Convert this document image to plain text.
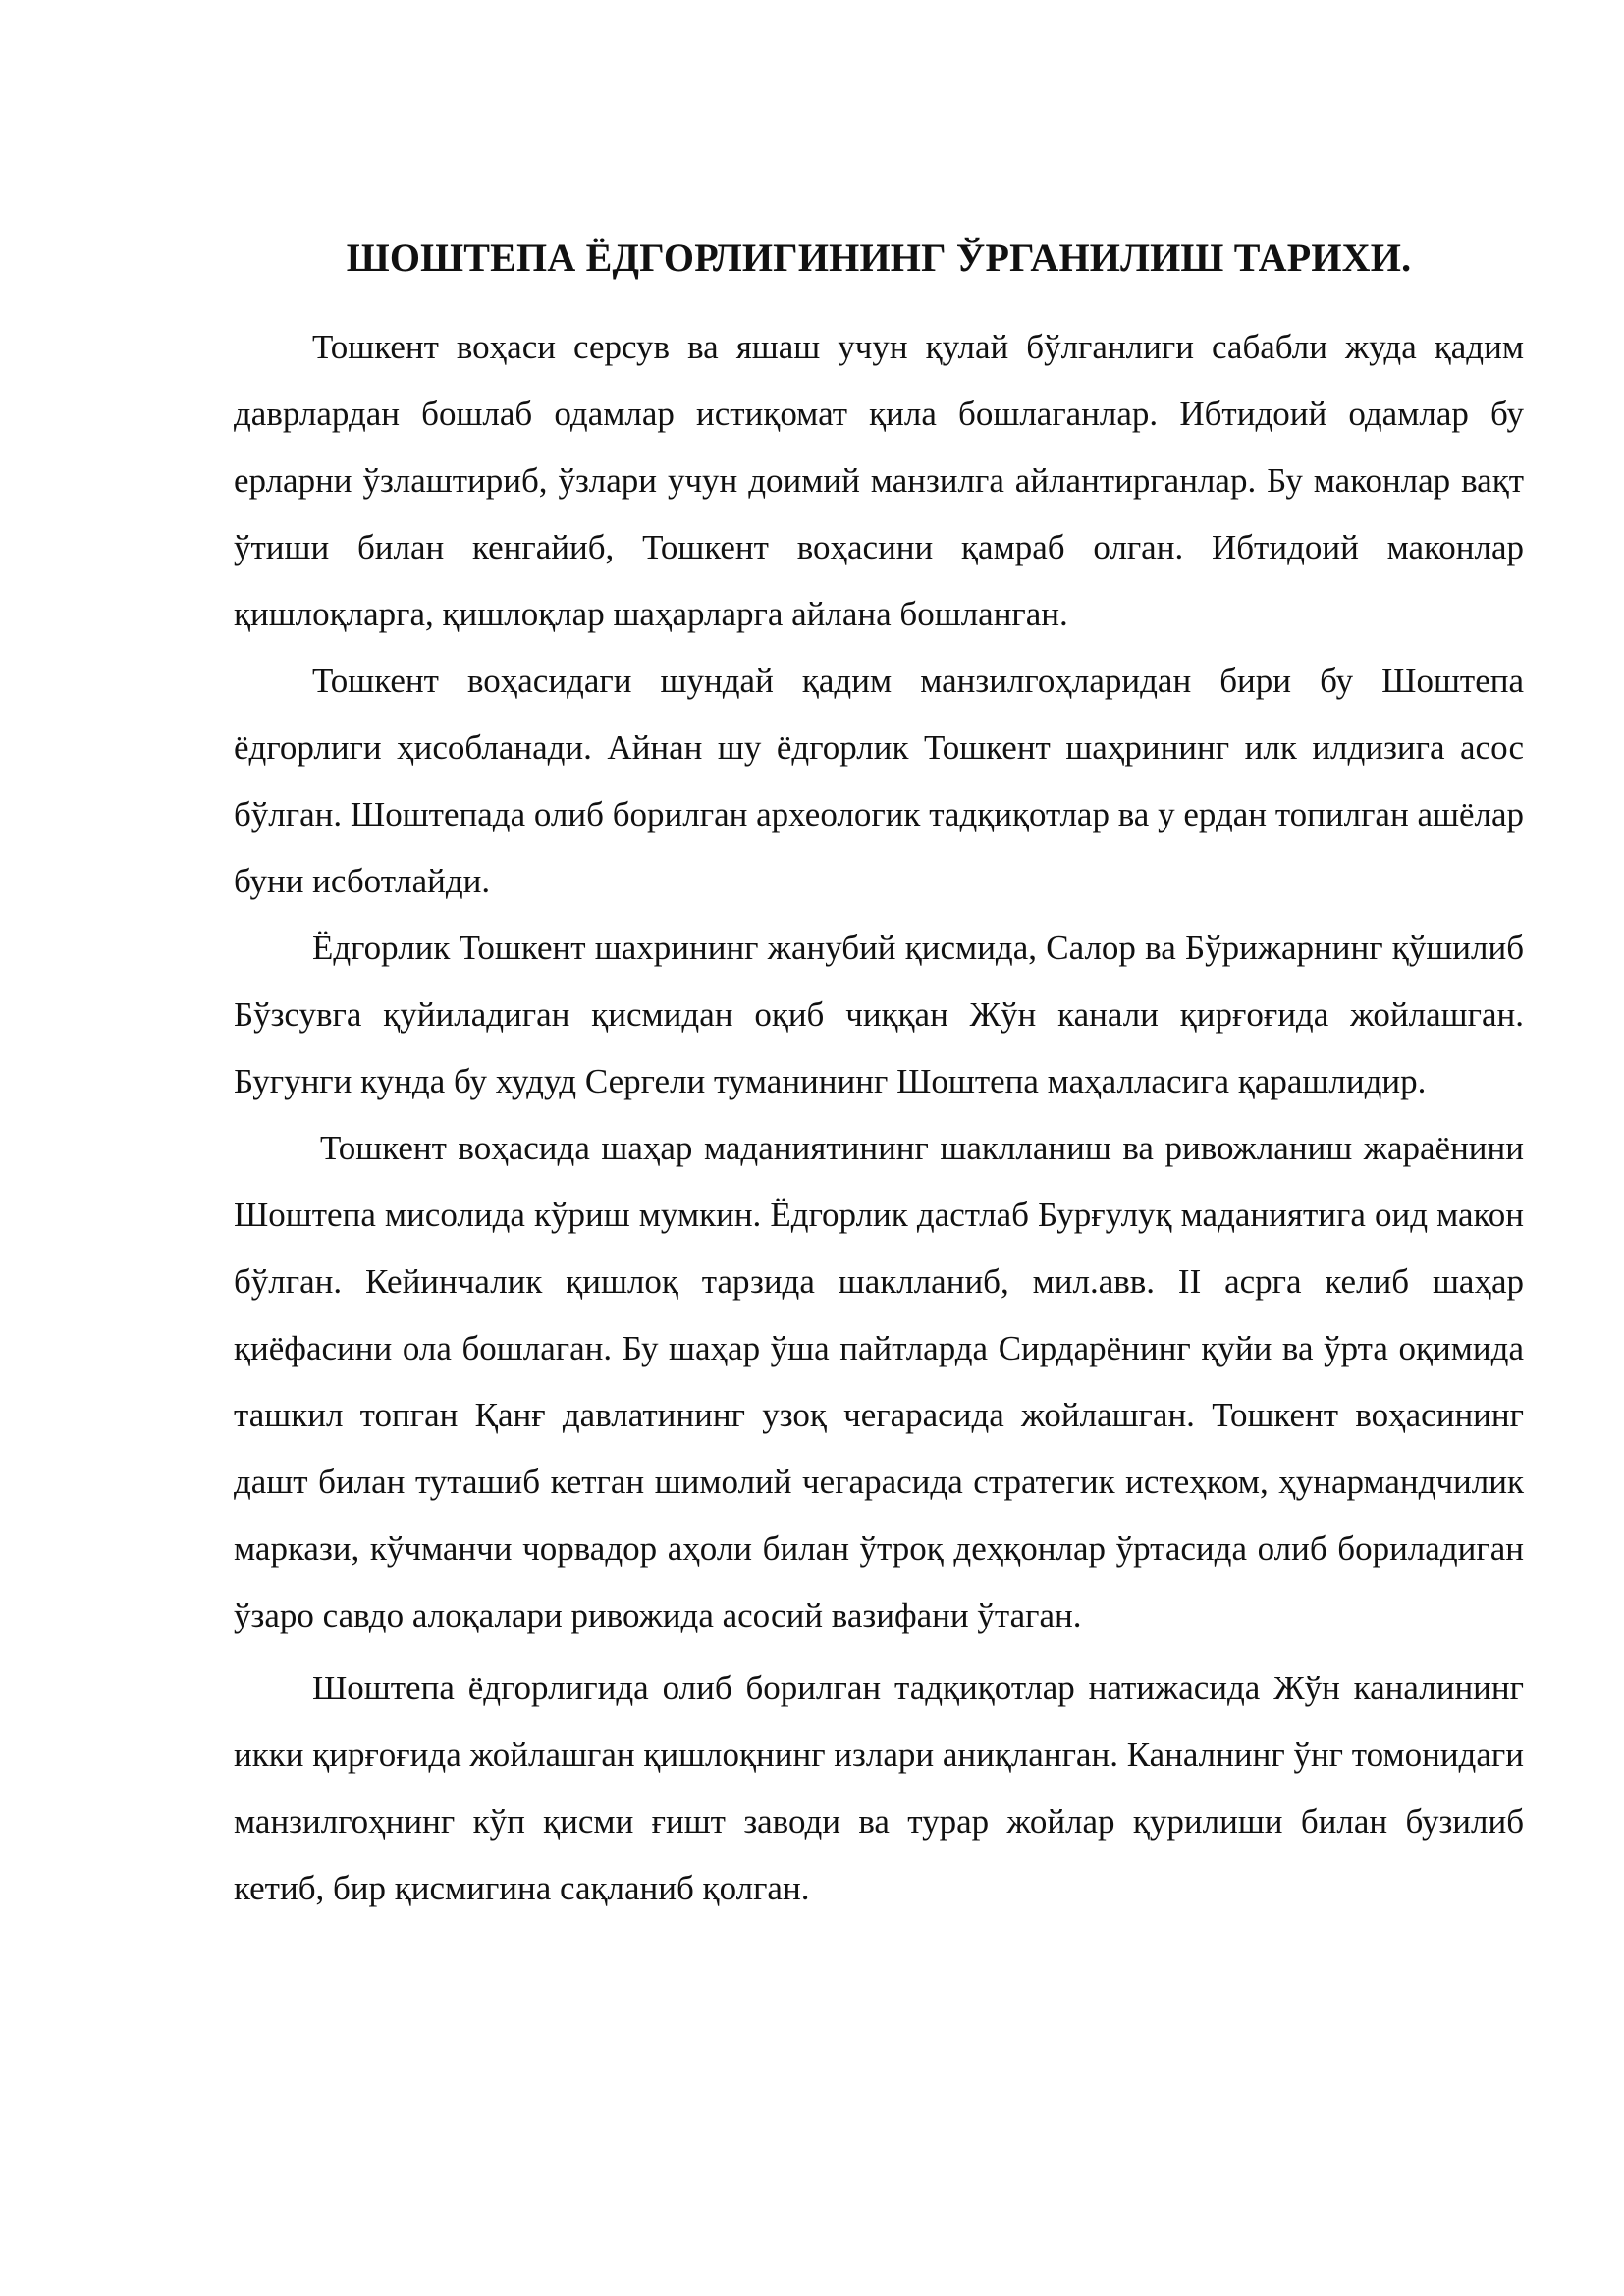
ШОШТЕПА ЁДГОРЛИГИНИНГ ЎРГАНИЛИШ ТАРИХИ.

Тошкент воҳаси серсув ва яшаш учун қулай бўлганлиги сабабли жуда қадим даврлардан бошлаб одамлар истиқомат қила бошлаганлар. Ибтидоий одамлар бу ерларни ўзлаштириб, ўзлари учун доимий манзилга айлантирганлар. Бу маконлар вақт ўтиши билан кенгайиб, Тошкент воҳасини қамраб олган. Ибтидоий маконлар қишлоқларга, қишлоқлар шаҳарларга айлана бошланган.

Тошкент воҳасидаги шундай қадим манзилгоҳларидан бири бу Шоштепа ёдгорлиги ҳисобланади. Айнан шу ёдгорлик Тошкент шаҳрининг илк илдизига асос бўлган. Шоштепада олиб борилган археологик тадқиқотлар ва у ердан топилган ашёлар буни исботлайди.

Ёдгорлик Тошкент шахрининг жанубий қисмида, Салор ва Бўрижарнинг қўшилиб Бўзсувга қуйиладиган қисмидан оқиб чиққан Жўн канали қирғоғида жойлашган. Бугунги кунда бу худуд Сергели туманининг Шоштепа маҳалласига қарашлидир.

Тошкент воҳасида шаҳар маданиятининг шаклланиш ва ривожланиш жараёнини Шоштепа мисолида кўриш мумкин. Ёдгорлик дастлаб Бурғулуқ маданиятига оид макон бўлган. Кейинчалик қишлоқ тарзида шаклланиб, мил.авв. II асрга келиб шаҳар қиёфасини ола бошлаган. Бу шаҳар ўша пайтларда Сирдарёнинг қуйи ва ўрта оқимида ташкил топган Қанғ давлатининг узоқ чегарасида жойлашган. Тошкент воҳасининг дашт билан туташиб кетган шимолий чегарасида стратегик истеҳком, ҳунармандчилик маркази, кўчманчи чорвадор аҳоли билан ўтроқ деҳқонлар ўртасида олиб бориладиган ўзаро савдо алоқалари ривожида асосий вазифани ўтаган.

Шоштепа ёдгорлигида олиб борилган тадқиқотлар натижасида Жўн каналининг икки қирғоғида жойлашган қишлоқнинг излари аниқланган. Каналнинг ўнг томонидаги манзилгоҳнинг кўп қисми ғишт заводи ва турар жойлар қурилиши билан бузилиб кетиб, бир қисмигина сақланиб қолган.
